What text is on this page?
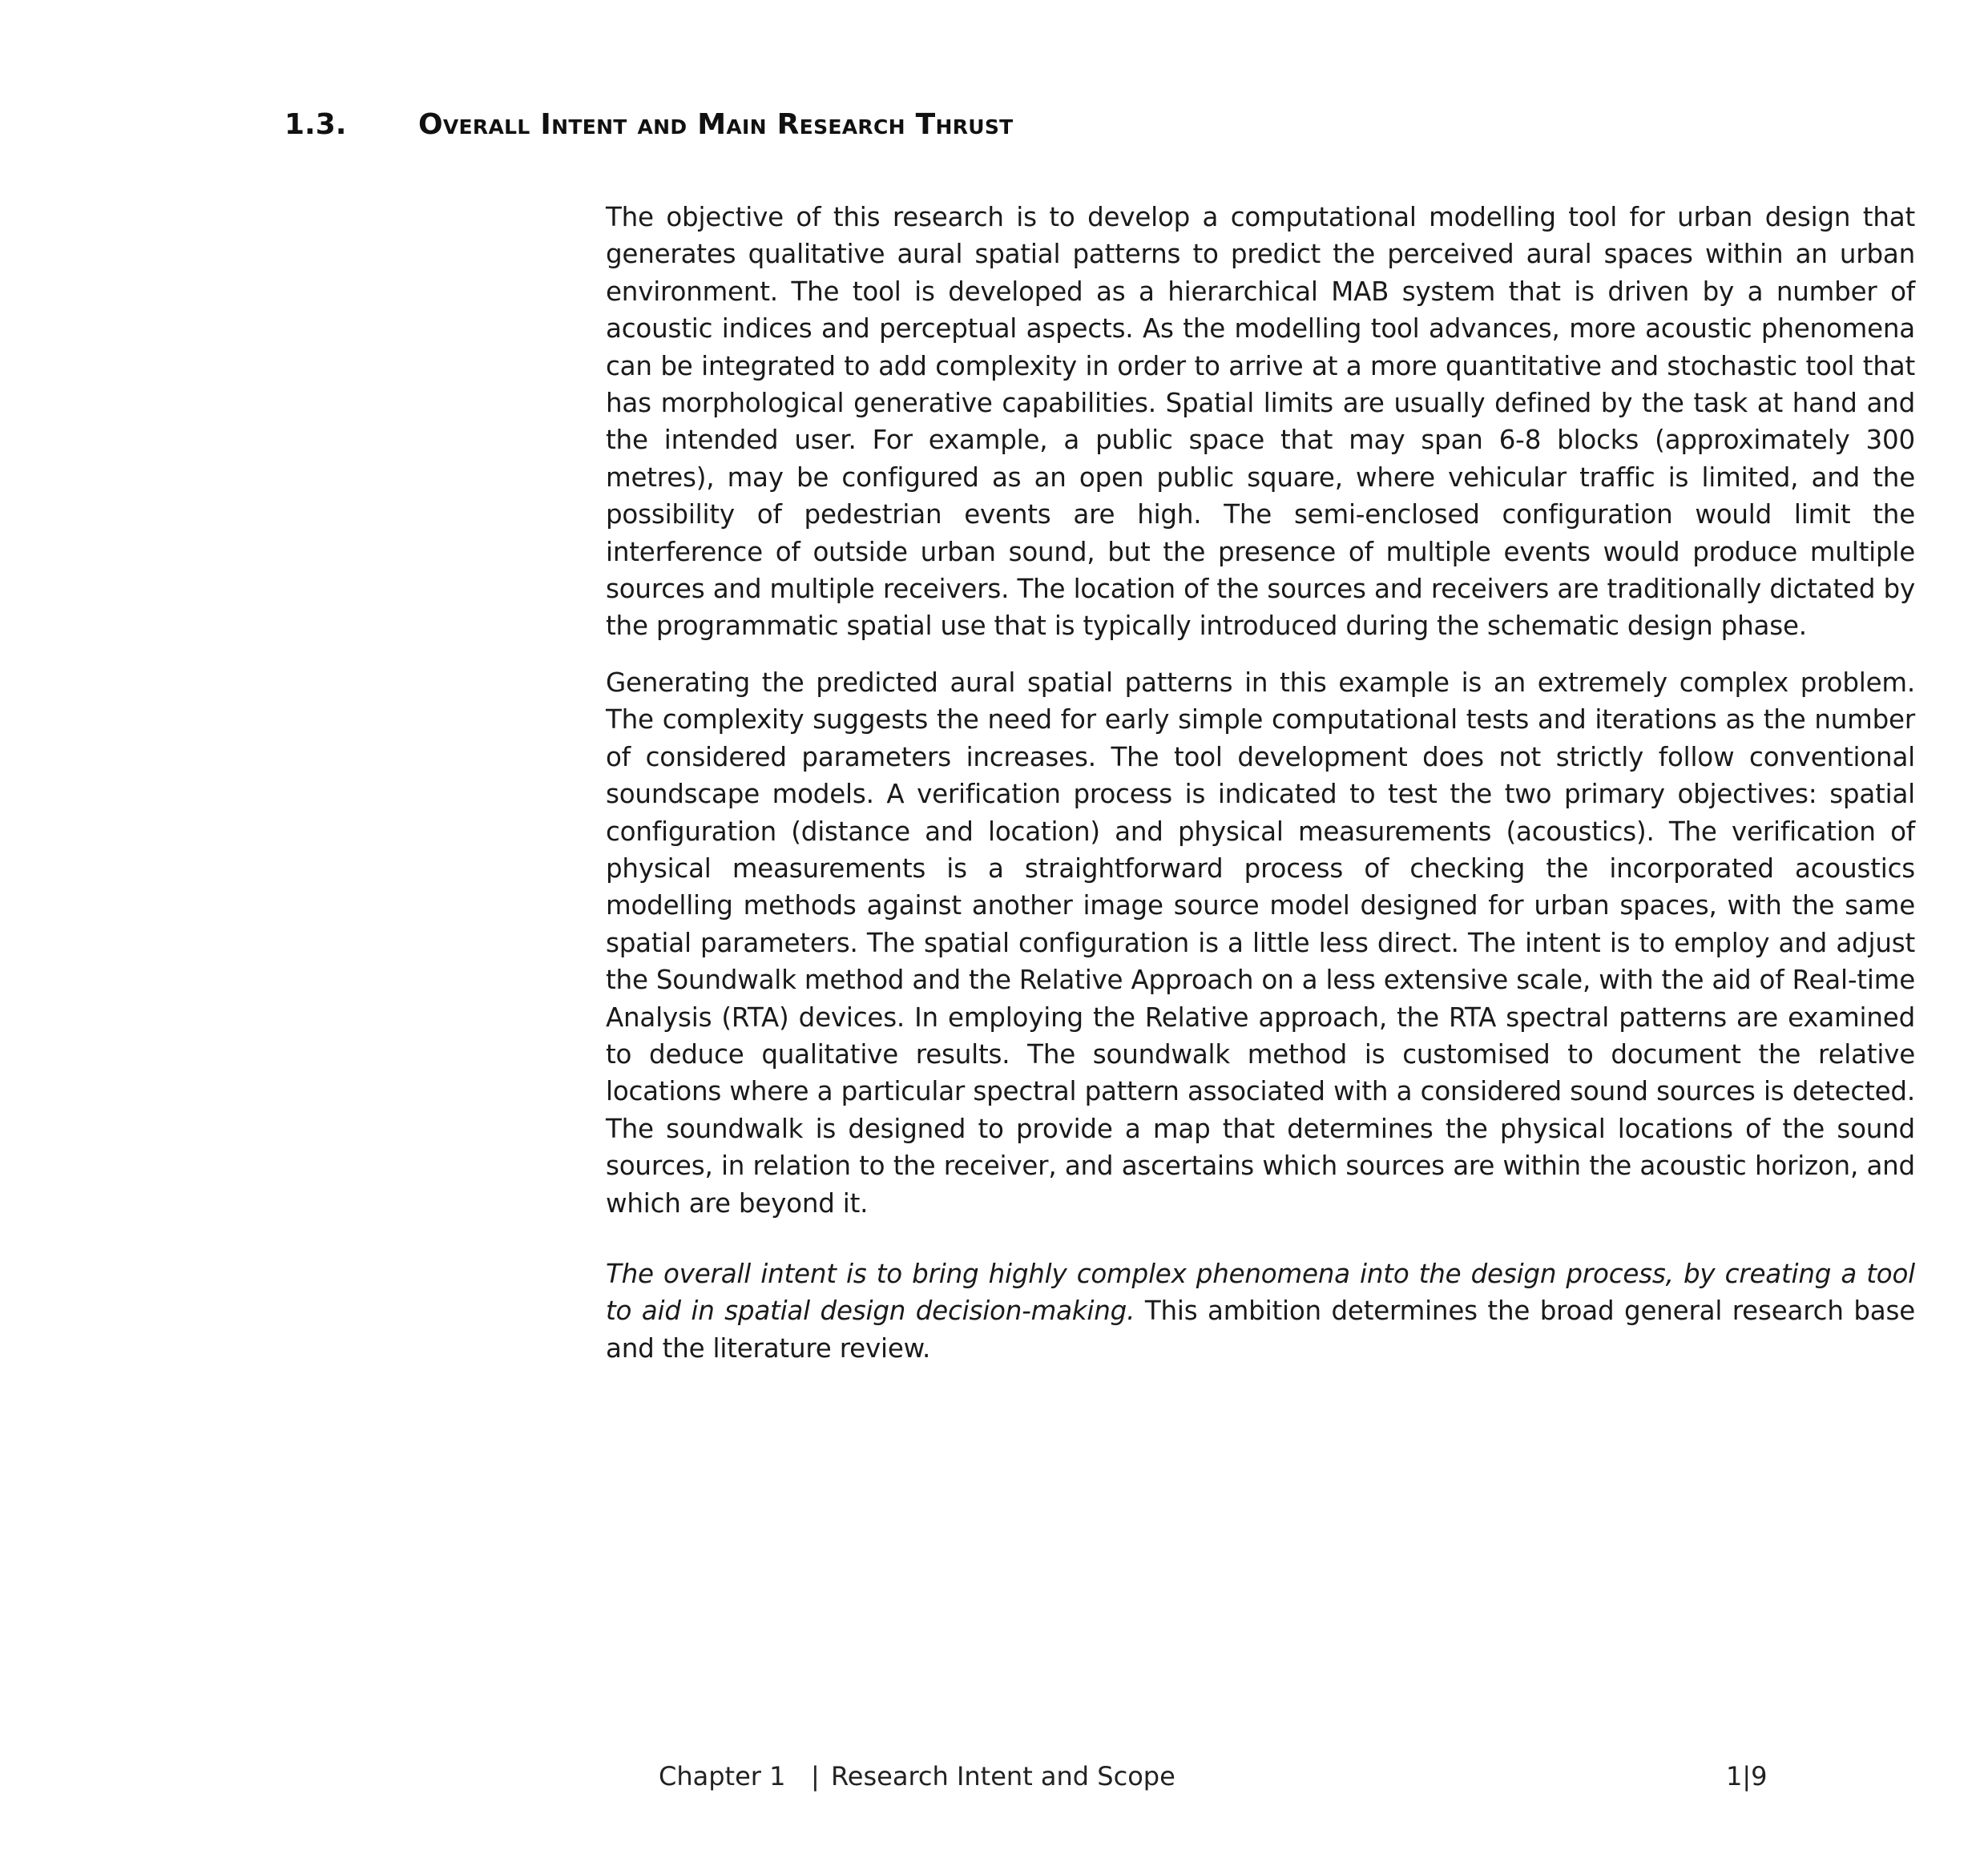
1.3.	Overall Intent and Main Research Thrust

The objective of this research is to develop a computational modelling tool for urban design that generates qualitative aural spatial patterns to predict the perceived aural spaces within an urban environment. The tool is developed as a hierarchical MAB system that is driven by a number of acoustic indices and perceptual aspects. As the modelling tool advances, more acoustic phenomena can be integrated to add complexity in order to arrive at a more quantitative and stochastic tool that has morphological generative capabilities. Spatial limits are usually defined by the task at hand and the intended user. For example, a public space that may span 6-8 blocks (approximately 300 metres), may be configured as an open public square, where vehicular traffic is limited, and the possibility of pedestrian events are high. The semi-enclosed configuration would limit the interference of outside urban sound, but the presence of multiple events would produce multiple sources and multiple receivers. The location of the sources and receivers are traditionally dictated by the programmatic spatial use that is typically introduced during the schematic design phase.

Generating the predicted aural spatial patterns in this example is an extremely complex problem. The complexity suggests the need for early simple computational tests and iterations as the number of considered parameters increases. The tool development does not strictly follow conventional soundscape models. A verification process is indicated to test the two primary objectives: spatial configuration (distance and location) and physical measurements (acoustics). The verification of physical measurements is a straightforward process of checking the incorporated acoustics modelling methods against another image source model designed for urban spaces, with the same spatial parameters. The spatial configuration is a little less direct. The intent is to employ and adjust the Soundwalk method and the Relative Approach on a less extensive scale, with the aid of Real-time Analysis (RTA) devices. In employing the Relative approach, the RTA spectral patterns are examined to deduce qualitative results. The soundwalk method is customised to document the relative locations where a particular spectral pattern associated with a considered sound sources is detected. The soundwalk is designed to provide a map that determines the physical locations of the sound sources, in relation to the receiver, and ascertains which sources are within the acoustic horizon, and which are beyond it.

The overall intent is to bring highly complex phenomena into the design process, by creating a tool to aid in spatial design decision-making. This ambition determines the broad general research base and the literature review.

Chapter 1 | Research Intent and Scope	1|9
